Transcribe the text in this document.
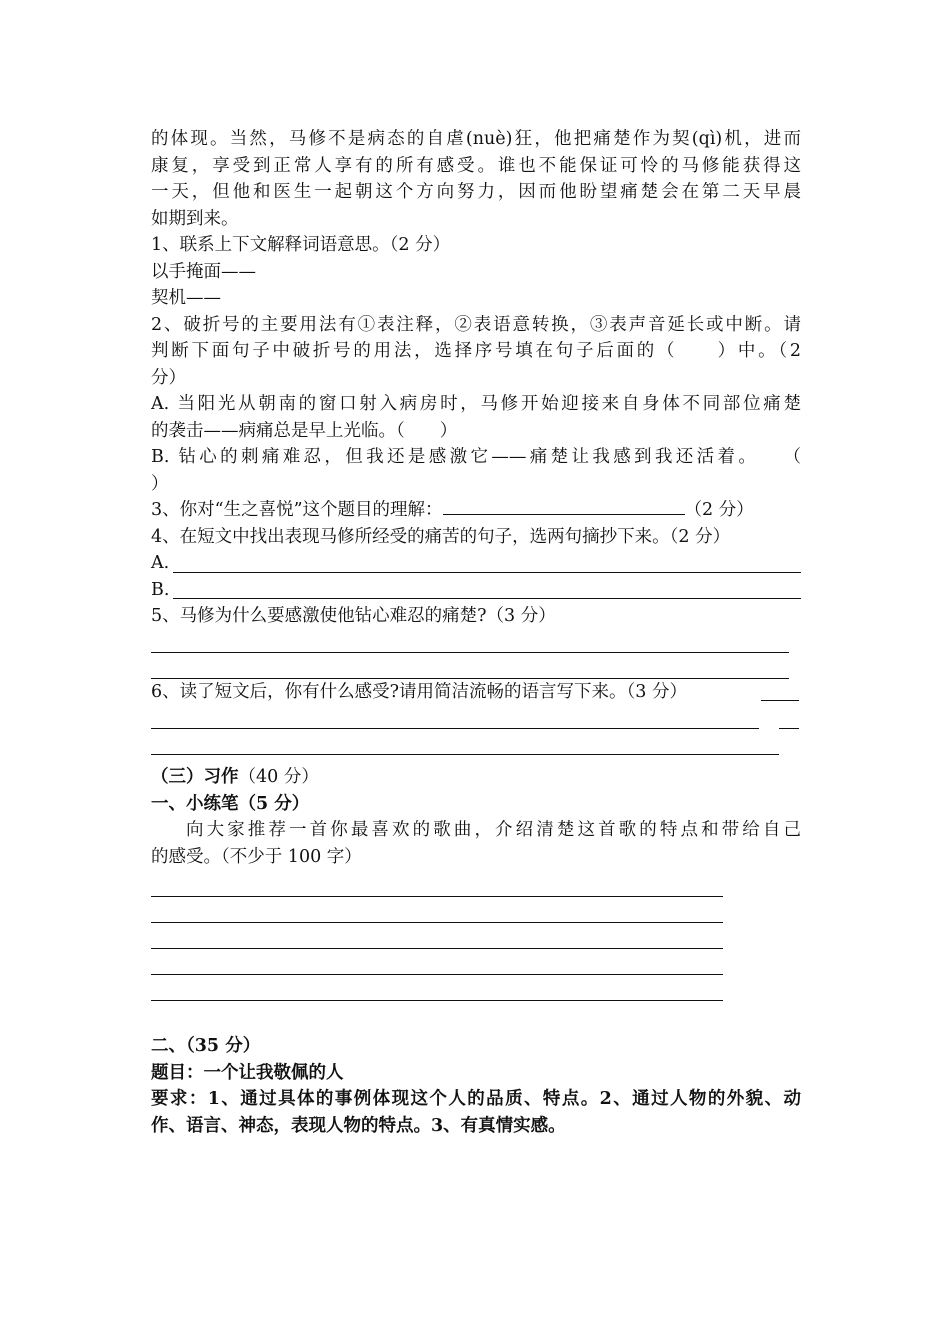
的体现。当然，马修不是病态的自虐(nuè)狂，他把痛楚作为契(qì)机，进而
康复，享受到正常人享有的所有感受。谁也不能保证可怜的马修能获得这
一天，但他和医生一起朝这个方向努力，因而他盼望痛楚会在第二天早晨
如期到来。
1、联系上下文解释词语意思。（2 分）
以手掩面——
契机——
2、破折号的主要用法有①表注释，②表语意转换，③表声音延长或中断。请
判断下面句子中破折号的用法，选择序号填在句子后面的（　　）中。（2
分）
A. 当阳光从朝南的窗口射入病房时，马修开始迎接来自身体不同部位痛楚
的袭击——病痛总是早上光临。（　　）
B. 钻心的刺痛难忍，但我还是感激它——痛楚让我感到我还活着。　　（
）
3、你对“生之喜悦”这个题目的理解：	（2 分）
4、在短文中找出表现马修所经受的痛苦的句子，选两句摘抄下来。（2 分）
A.
B.
5、马修为什么要感激使他钻心难忍的痛楚?（3 分）
6、读了短文后，你有什么感受?请用简洁流畅的语言写下来。（3 分）
（三）习作（40 分）
一、小练笔（5 分）
向大家推荐一首你最喜欢的歌曲，介绍清楚这首歌的特点和带给自己
的感受。（不少于 100 字）
二、（35 分）
题目：一个让我敬佩的人
要求：1、通过具体的事例体现这个人的品质、特点。2、通过人物的外貌、动
作、语言、神态，表现人物的特点。3、有真情实感。
